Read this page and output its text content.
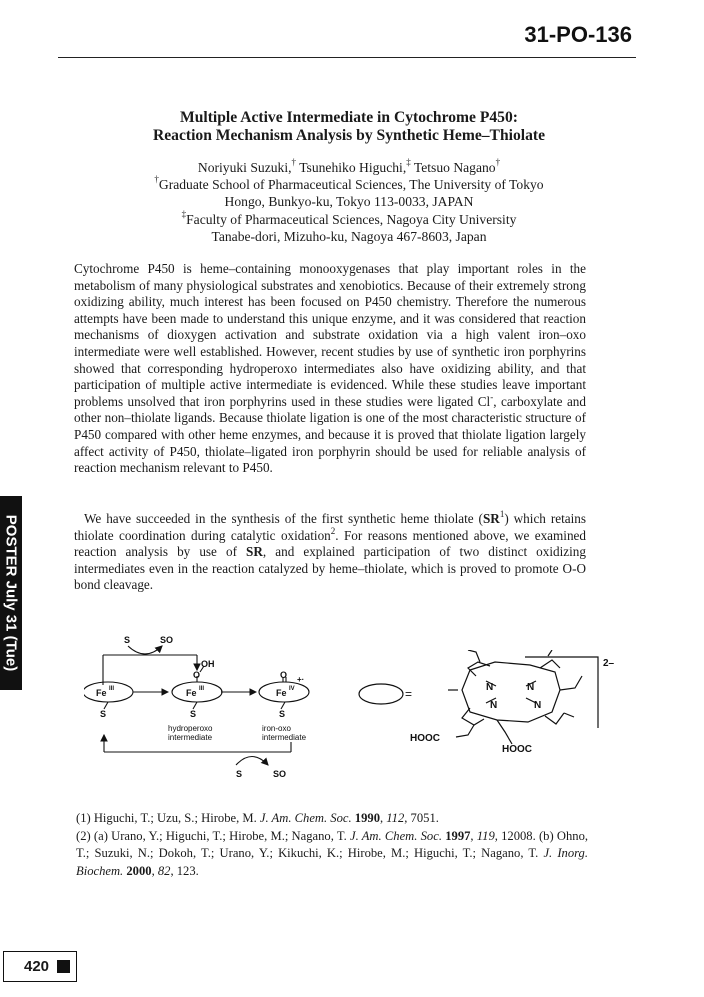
31-PO-136
Multiple Active Intermediate in Cytochrome P450:
Reaction Mechanism Analysis by Synthetic Heme–Thiolate
Noriyuki Suzuki,† Tsunehiko Higuchi,‡ Tetsuo Nagano†
†Graduate School of Pharmaceutical Sciences, The University of Tokyo
Hongo, Bunkyo-ku, Tokyo 113-0033, JAPAN
‡Faculty of Pharmaceutical Sciences, Nagoya City University
Tanabe-dori, Mizuho-ku, Nagoya 467-8603, Japan
Cytochrome P450 is heme–containing monooxygenases that play important roles in the metabolism of many physiological substrates and xenobiotics. Because of their extremely strong oxidizing ability, much interest has been focused on P450 chemistry. Therefore the numerous attempts have been made to understand this unique enzyme, and it was considered that reaction mechanisms of dioxygen activation and substrate oxidation via a high valent iron–oxo intermediate were well established. However, recent studies by use of synthetic iron porphyrins showed that corresponding hydroperoxo intermediates also have oxidizing ability, and that participation of multiple active intermediate is evidenced. While these studies leave important problems unsolved that iron porphyrins used in these studies were ligated Cl-, carboxylate and other non–thiolate ligands. Because thiolate ligation is one of the most characteristic structure of P450 compared with other heme enzymes, and because it is proved that thiolate ligation largely affect activity of P450, thiolate–ligated iron porphyrin should be used for reliable analysis of reaction mechanism relevant to P450.
We have succeeded in the synthesis of the first synthetic heme thiolate $(SR^1)$ which retains thiolate coordination during catalytic oxidation$^2$. For reasons mentioned above, we examined reaction analysis by use of SR, and explained participation of two distinct oxidizing intermediates even in the reaction catalyzed by heme–thiolate, which is proved to promote O-O bond cleavage.
S	SO
OH
O	O +·
Fe III	Fe III	Fe IV
S	S	S
S	SO
hydroperoxo
intermediate
iron-oxo
intermediate
=	N	N
N	N
2–
HOOC
HOOC
(1) Higuchi, T.; Uzu, S.; Hirobe, M. J. Am. Chem. Soc. 1990, 112, 7051.
(2) (a) Urano, Y.; Higuchi, T.; Hirobe, M.; Nagano, T. J. Am. Chem. Soc. 1997, 119, 12008. (b) Ohno, T.; Suzuki, N.; Dokoh, T.; Urano, Y.; Kikuchi, K.; Hirobe, M.; Higuchi, T.; Nagano, T. J. Inorg. Biochem. 2000, 82, 123.
POSTER July 31 (Tue)
420
